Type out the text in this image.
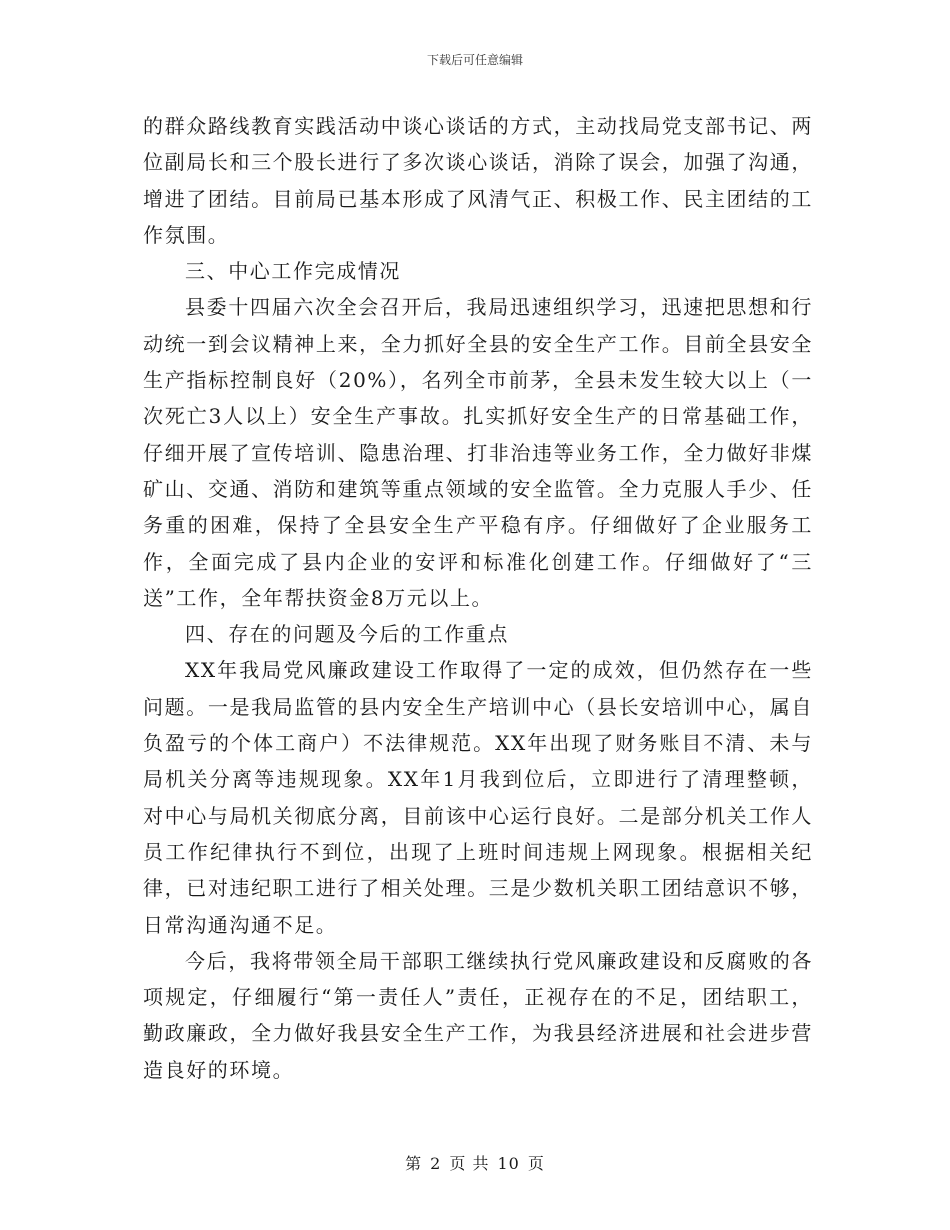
下载后可任意编辑

的群众路线教育实践活动中谈心谈话的方式，主动找局党支部书记、两位副局长和三个股长进行了多次谈心谈话，消除了误会，加强了沟通，增进了团结。目前局已基本形成了风清气正、积极工作、民主团结的工作氛围。

三、中心工作完成情况

县委十四届六次全会召开后，我局迅速组织学习，迅速把思想和行动统一到会议精神上来，全力抓好全县的安全生产工作。目前全县安全生产指标控制良好（20%），名列全市前茅，全县未发生较大以上（一次死亡3人以上）安全生产事故。扎实抓好安全生产的日常基础工作，仔细开展了宣传培训、隐患治理、打非治违等业务工作，全力做好非煤矿山、交通、消防和建筑等重点领域的安全监管。全力克服人手少、任务重的困难，保持了全县安全生产平稳有序。仔细做好了企业服务工作，全面完成了县内企业的安评和标准化创建工作。仔细做好了“三送”工作，全年帮扶资金8万元以上。

四、存在的问题及今后的工作重点

XX年我局党风廉政建设工作取得了一定的成效，但仍然存在一些问题。一是我局监管的县内安全生产培训中心（县长安培训中心，属自负盈亏的个体工商户）不法律规范。XX年出现了财务账目不清、未与局机关分离等违规现象。XX年1月我到位后，立即进行了清理整顿，对中心与局机关彻底分离，目前该中心运行良好。二是部分机关工作人员工作纪律执行不到位，出现了上班时间违规上网现象。根据相关纪律，已对违纪职工进行了相关处理。三是少数机关职工团结意识不够，日常沟通沟通不足。

今后，我将带领全局干部职工继续执行党风廉政建设和反腐败的各项规定，仔细履行“第一责任人”责任，正视存在的不足，团结职工，勤政廉政，全力做好我县安全生产工作，为我县经济进展和社会进步营造良好的环境。

第 2 页 共 10 页
